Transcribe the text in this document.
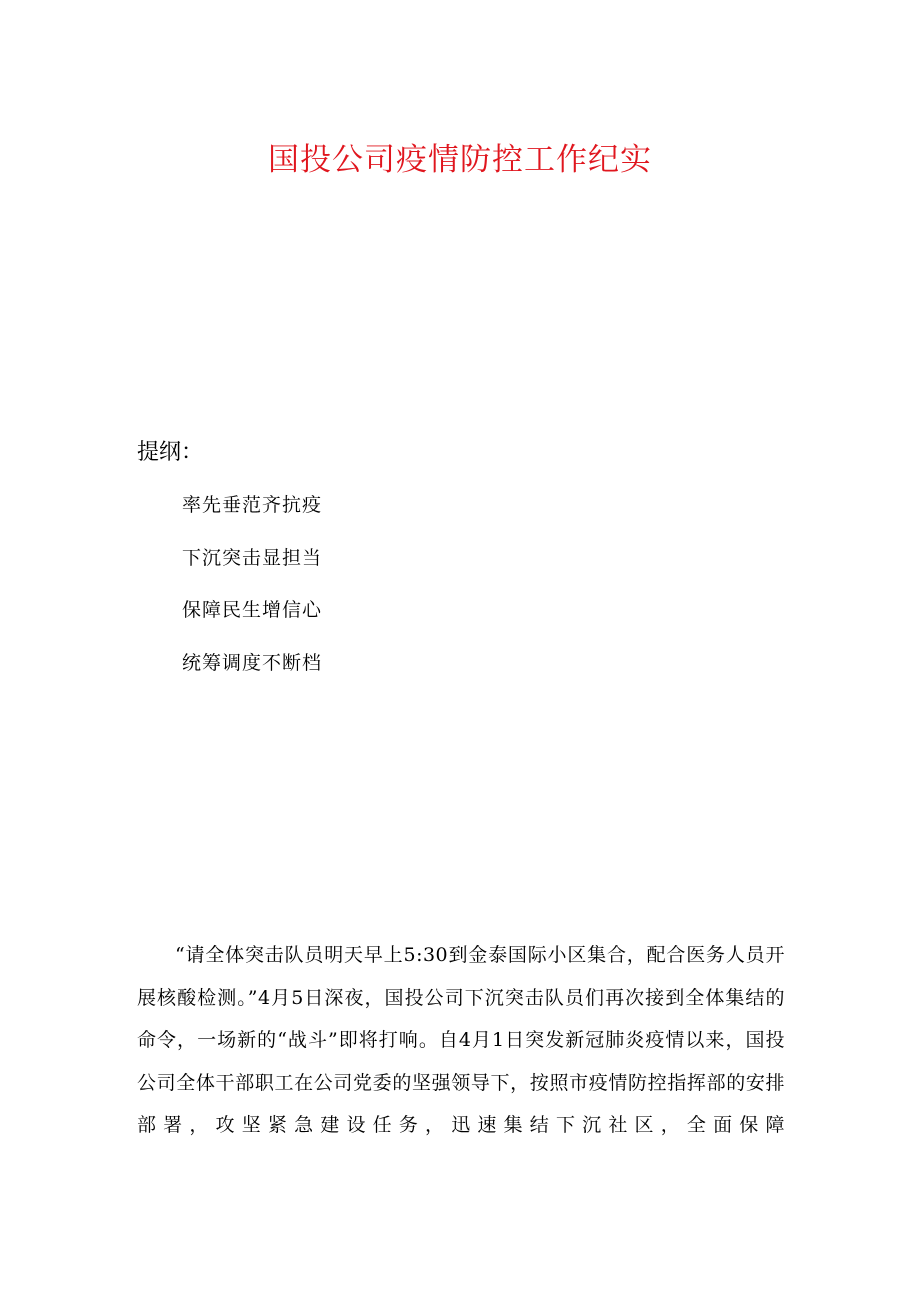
国投公司疫情防控工作纪实

提纲：

率先垂范齐抗疫
下沉突击显担当
保障民生增信心
统筹调度不断档

“请全体突击队员明天早上5:30到金泰国际小区集合，配合医务人员开展核酸检测。”4月5日深夜，国投公司下沉突击队员们再次接到全体集结的命令，一场新的“战斗”即将打响。自4月1日突发新冠肺炎疫情以来，国投公司全体干部职工在公司党委的坚强领导下，按照市疫情防控指挥部的安排部署，攻坚紧急建设任务，迅速集结下沉社区，全面保障
